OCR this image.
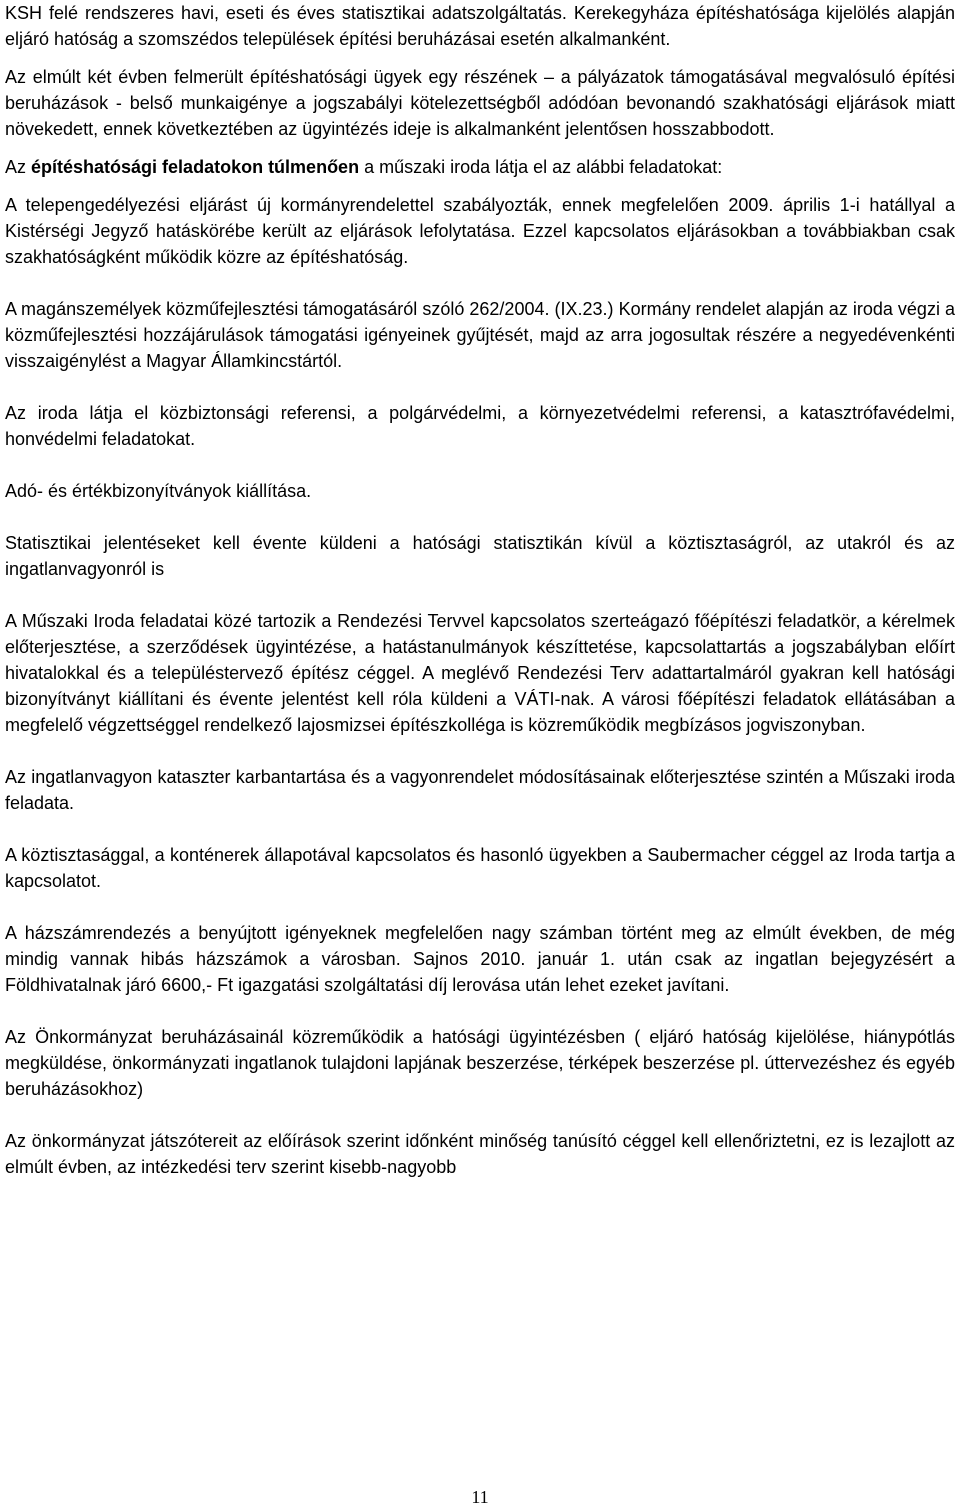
KSH felé rendszeres havi, eseti és éves statisztikai adatszolgáltatás. Kerekegyháza építéshatósága kijelölés alapján eljáró hatóság a szomszédos települések építési beruházásai esetén alkalmanként.

Az elmúlt két évben felmerült építéshatósági ügyek egy részének – a pályázatok támogatásával megvalósuló építési beruházások - belső munkaigénye a jogszabályi kötelezettségből adódóan bevonandó szakhatósági eljárások miatt növekedett, ennek következtében az ügyintézés ideje is alkalmanként jelentősen hosszabbodott.

Az építéshatósági feladatokon túlmenően a műszaki iroda látja el az alábbi feladatokat:

A telepengedélyezési eljárást új kormányrendelettel szabályozták, ennek megfelelően 2009. április 1-i hatállyal a Kistérségi Jegyző hatáskörébe került az eljárások lefolytatása. Ezzel kapcsolatos eljárásokban a továbbiakban csak szakhatóságként működik közre az építéshatóság.

A magánszemélyek közműfejlesztési támogatásáról szóló 262/2004. (IX.23.) Kormány rendelet alapján az iroda végzi a közműfejlesztési hozzájárulások támogatási igényeinek gyűjtését, majd az arra jogosultak részére a negyedévenkénti visszaigénylést a Magyar Államkincstártól.

Az iroda látja el közbiztonsági referensi, a polgárvédelmi, a környezetvédelmi referensi, a katasztrófavédelmi, honvédelmi feladatokat.

Adó- és értékbizonyítványok kiállítása.

Statisztikai jelentéseket kell évente küldeni a hatósági statisztikán kívül a köztisztaságról, az utakról és az ingatlanvagyonról is

A Műszaki Iroda feladatai közé tartozik a Rendezési Tervvel kapcsolatos szerteágazó főépítészi feladatkör, a kérelmek előterjesztése, a szerződések ügyintézése, a hatástanulmányok készíttetése, kapcsolattartás a jogszabályban előírt hivatalokkal és a településtervező építész céggel. A meglévő Rendezési Terv adattartalmáról gyakran kell hatósági bizonyítványt kiállítani és évente jelentést kell róla küldeni a VÁTI-nak. A városi főépítészi feladatok ellátásában a megfelelő végzettséggel rendelkező lajosmizsei építészkolléga is közreműködik megbízásos jogviszonyban.

Az ingatlanvagyon kataszter karbantartása és a vagyonrendelet módosításainak előterjesztése szintén a Műszaki iroda feladata.

A köztisztasággal, a konténerek állapotával kapcsolatos és hasonló ügyekben a Saubermacher céggel az Iroda tartja a kapcsolatot.

A házszámrendezés a benyújtott igényeknek megfelelően nagy számban történt meg az elmúlt években, de még mindig vannak hibás házszámok a városban. Sajnos 2010. január 1. után csak az ingatlan bejegyzésért a Földhivatalnak járó 6600,- Ft igazgatási szolgáltatási díj lerovása után lehet ezeket javítani.

Az Önkormányzat beruházásainál közreműködik a hatósági ügyintézésben ( eljáró hatóság kijelölése, hiánypótlás megküldése, önkormányzati ingatlanok tulajdoni lapjának beszerzése, térképek beszerzése pl. úttervezéshez és egyéb beruházásokhoz)

Az önkormányzat játszótereit az előírások szerint időnként minőség tanúsító céggel kell ellenőriztetni, ez is lezajlott az elmúlt évben, az intézkedési terv szerint kisebb-nagyobb

11
